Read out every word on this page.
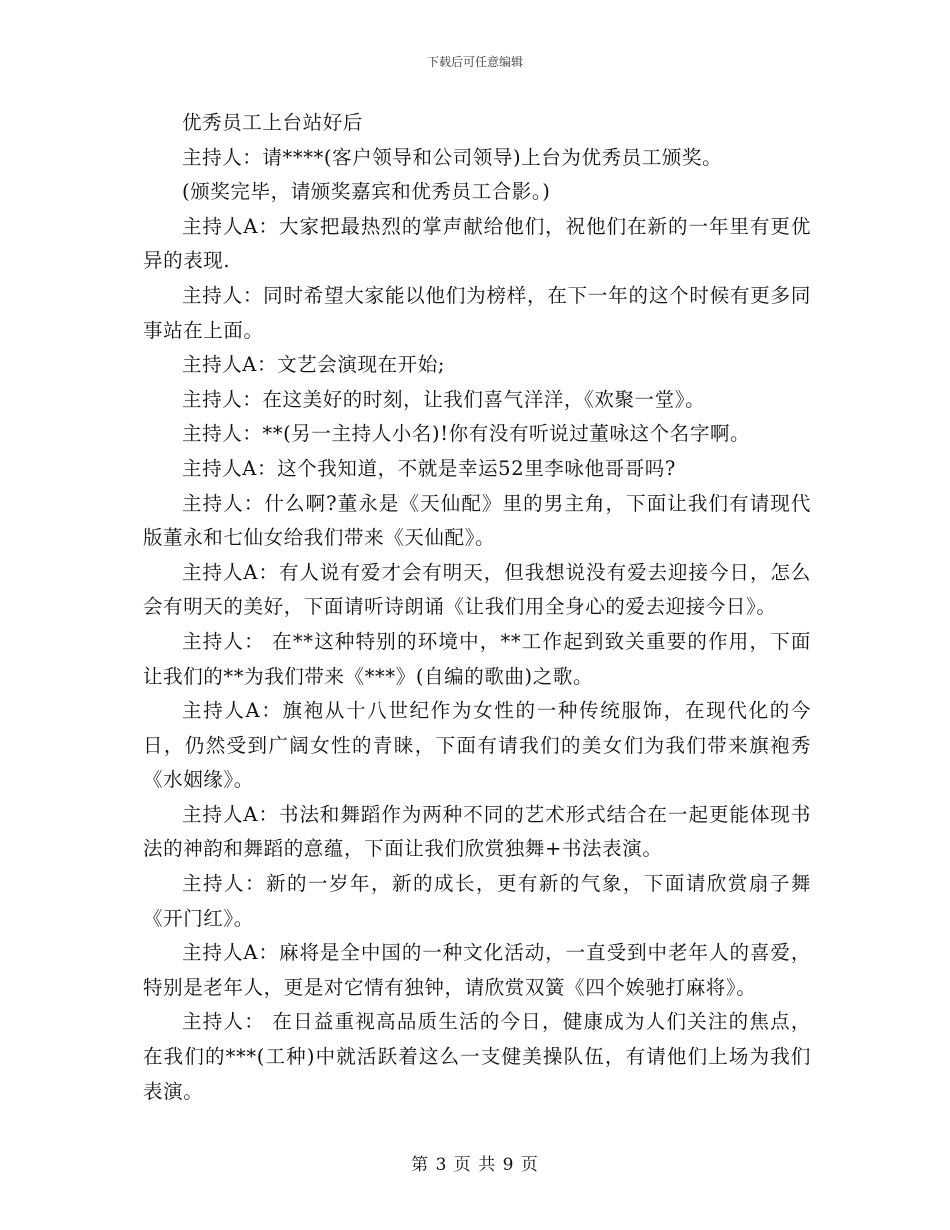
下载后可任意编辑

优秀员工上台站好后

主持人：请****(客户领导和公司领导)上台为优秀员工颁奖。

(颁奖完毕，请颁奖嘉宾和优秀员工合影。)

主持人A：大家把最热烈的掌声献给他们，祝他们在新的一年里有更优异的表现.

主持人：同时希望大家能以他们为榜样，在下一年的这个时候有更多同事站在上面。

主持人A：文艺会演现在开始;

主持人：在这美好的时刻，让我们喜气洋洋，《欢聚一堂》。

主持人：**(另一主持人小名)!你有没有听说过董咏这个名字啊。

主持人A：这个我知道，不就是幸运52里李咏他哥哥吗?

主持人：什么啊?董永是《天仙配》里的男主角，下面让我们有请现代版董永和七仙女给我们带来《天仙配》。

主持人A：有人说有爱才会有明天，但我想说没有爱去迎接今日，怎么会有明天的美好，下面请听诗朗诵《让我们用全身心的爱去迎接今日》。

主持人： 在**这种特别的环境中，**工作起到致关重要的作用，下面让我们的**为我们带来《***》(自编的歌曲)之歌。

主持人A：旗袍从十八世纪作为女性的一种传统服饰，在现代化的今日，仍然受到广阔女性的青睐，下面有请我们的美女们为我们带来旗袍秀《水姻缘》。

主持人A：书法和舞蹈作为两种不同的艺术形式结合在一起更能体现书法的神韵和舞蹈的意蕴，下面让我们欣赏独舞+书法表演。

主持人：新的一岁年，新的成长，更有新的气象，下面请欣赏扇子舞《开门红》。

主持人A：麻将是全中国的一种文化活动，一直受到中老年人的喜爱，特别是老年人，更是对它情有独钟，请欣赏双簧《四个娭驰打麻将》。

主持人： 在日益重视高品质生活的今日，健康成为人们关注的焦点，在我们的***(工种)中就活跃着这么一支健美操队伍，有请他们上场为我们表演。

第 3 页 共 9 页
